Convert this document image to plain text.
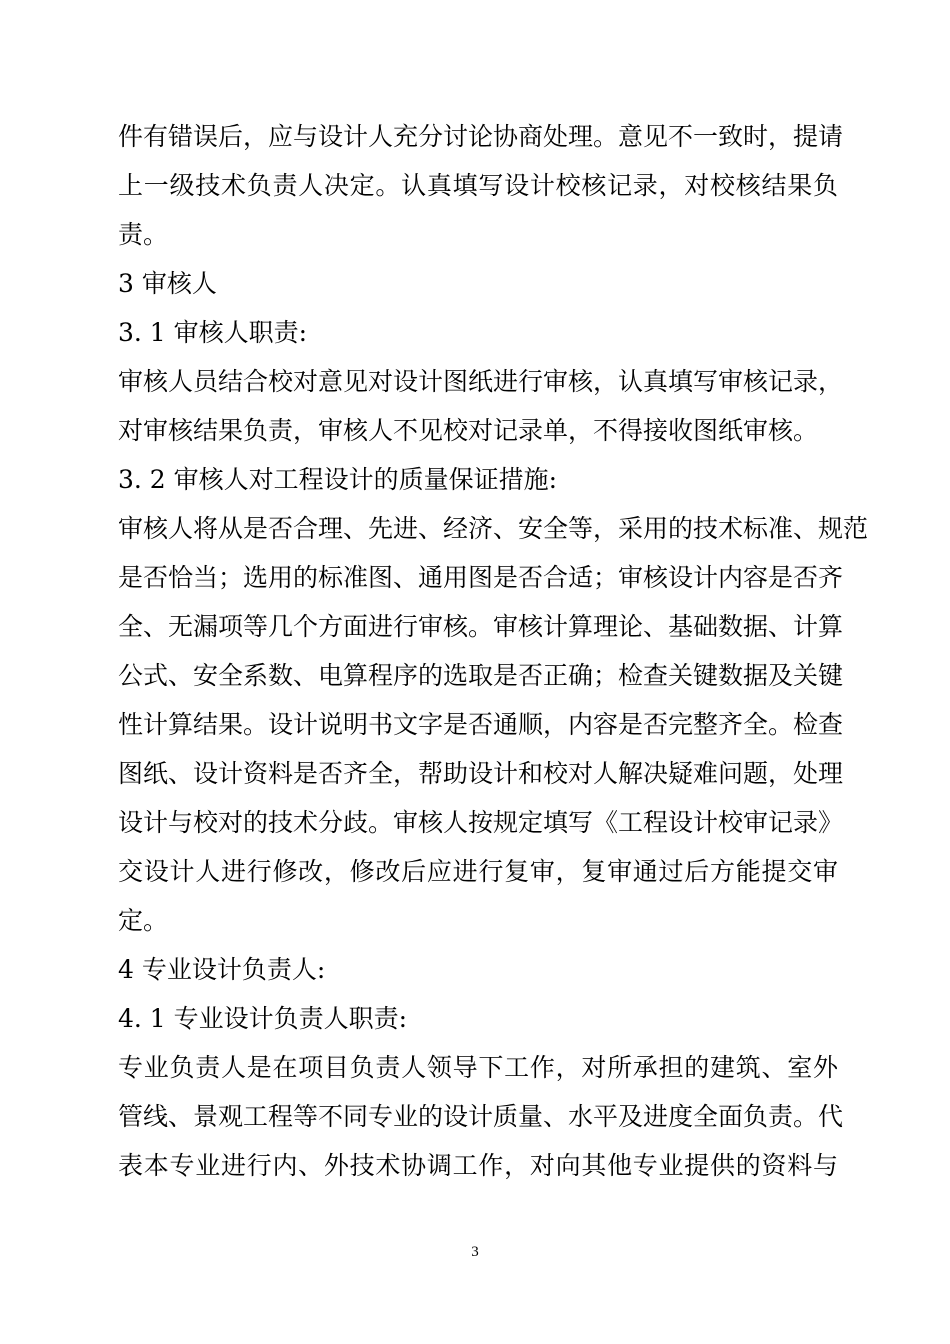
件有错误后，应与设计人充分讨论协商处理。意见不一致时，提请
上一级技术负责人决定。认真填写设计校核记录，对校核结果负
责。
3 审核人
3. 1 审核人职责:
审核人员结合校对意见对设计图纸进行审核，认真填写审核记录，
对审核结果负责，审核人不见校对记录单，不得接收图纸审核。
3. 2 审核人对工程设计的质量保证措施:
审核人将从是否合理、先进、经济、安全等，采用的技术标准、规范
是否恰当；选用的标准图、通用图是否合适；审核设计内容是否齐
全、无漏项等几个方面进行审核。审核计算理论、基础数据、计算
公式、安全系数、电算程序的选取是否正确；检查关键数据及关键
性计算结果。设计说明书文字是否通顺，内容是否完整齐全。检查
图纸、设计资料是否齐全，帮助设计和校对人解决疑难问题，处理
设计与校对的技术分歧。审核人按规定填写《工程设计校审记录》
交设计人进行修改，修改后应进行复审，复审通过后方能提交审
定。
4 专业设计负责人:
4. 1 专业设计负责人职责:
专业负责人是在项目负责人领导下工作，对所承担的建筑、室外
管线、景观工程等不同专业的设计质量、水平及进度全面负责。代
表本专业进行内、外技术协调工作，对向其他专业提供的资料与
3
